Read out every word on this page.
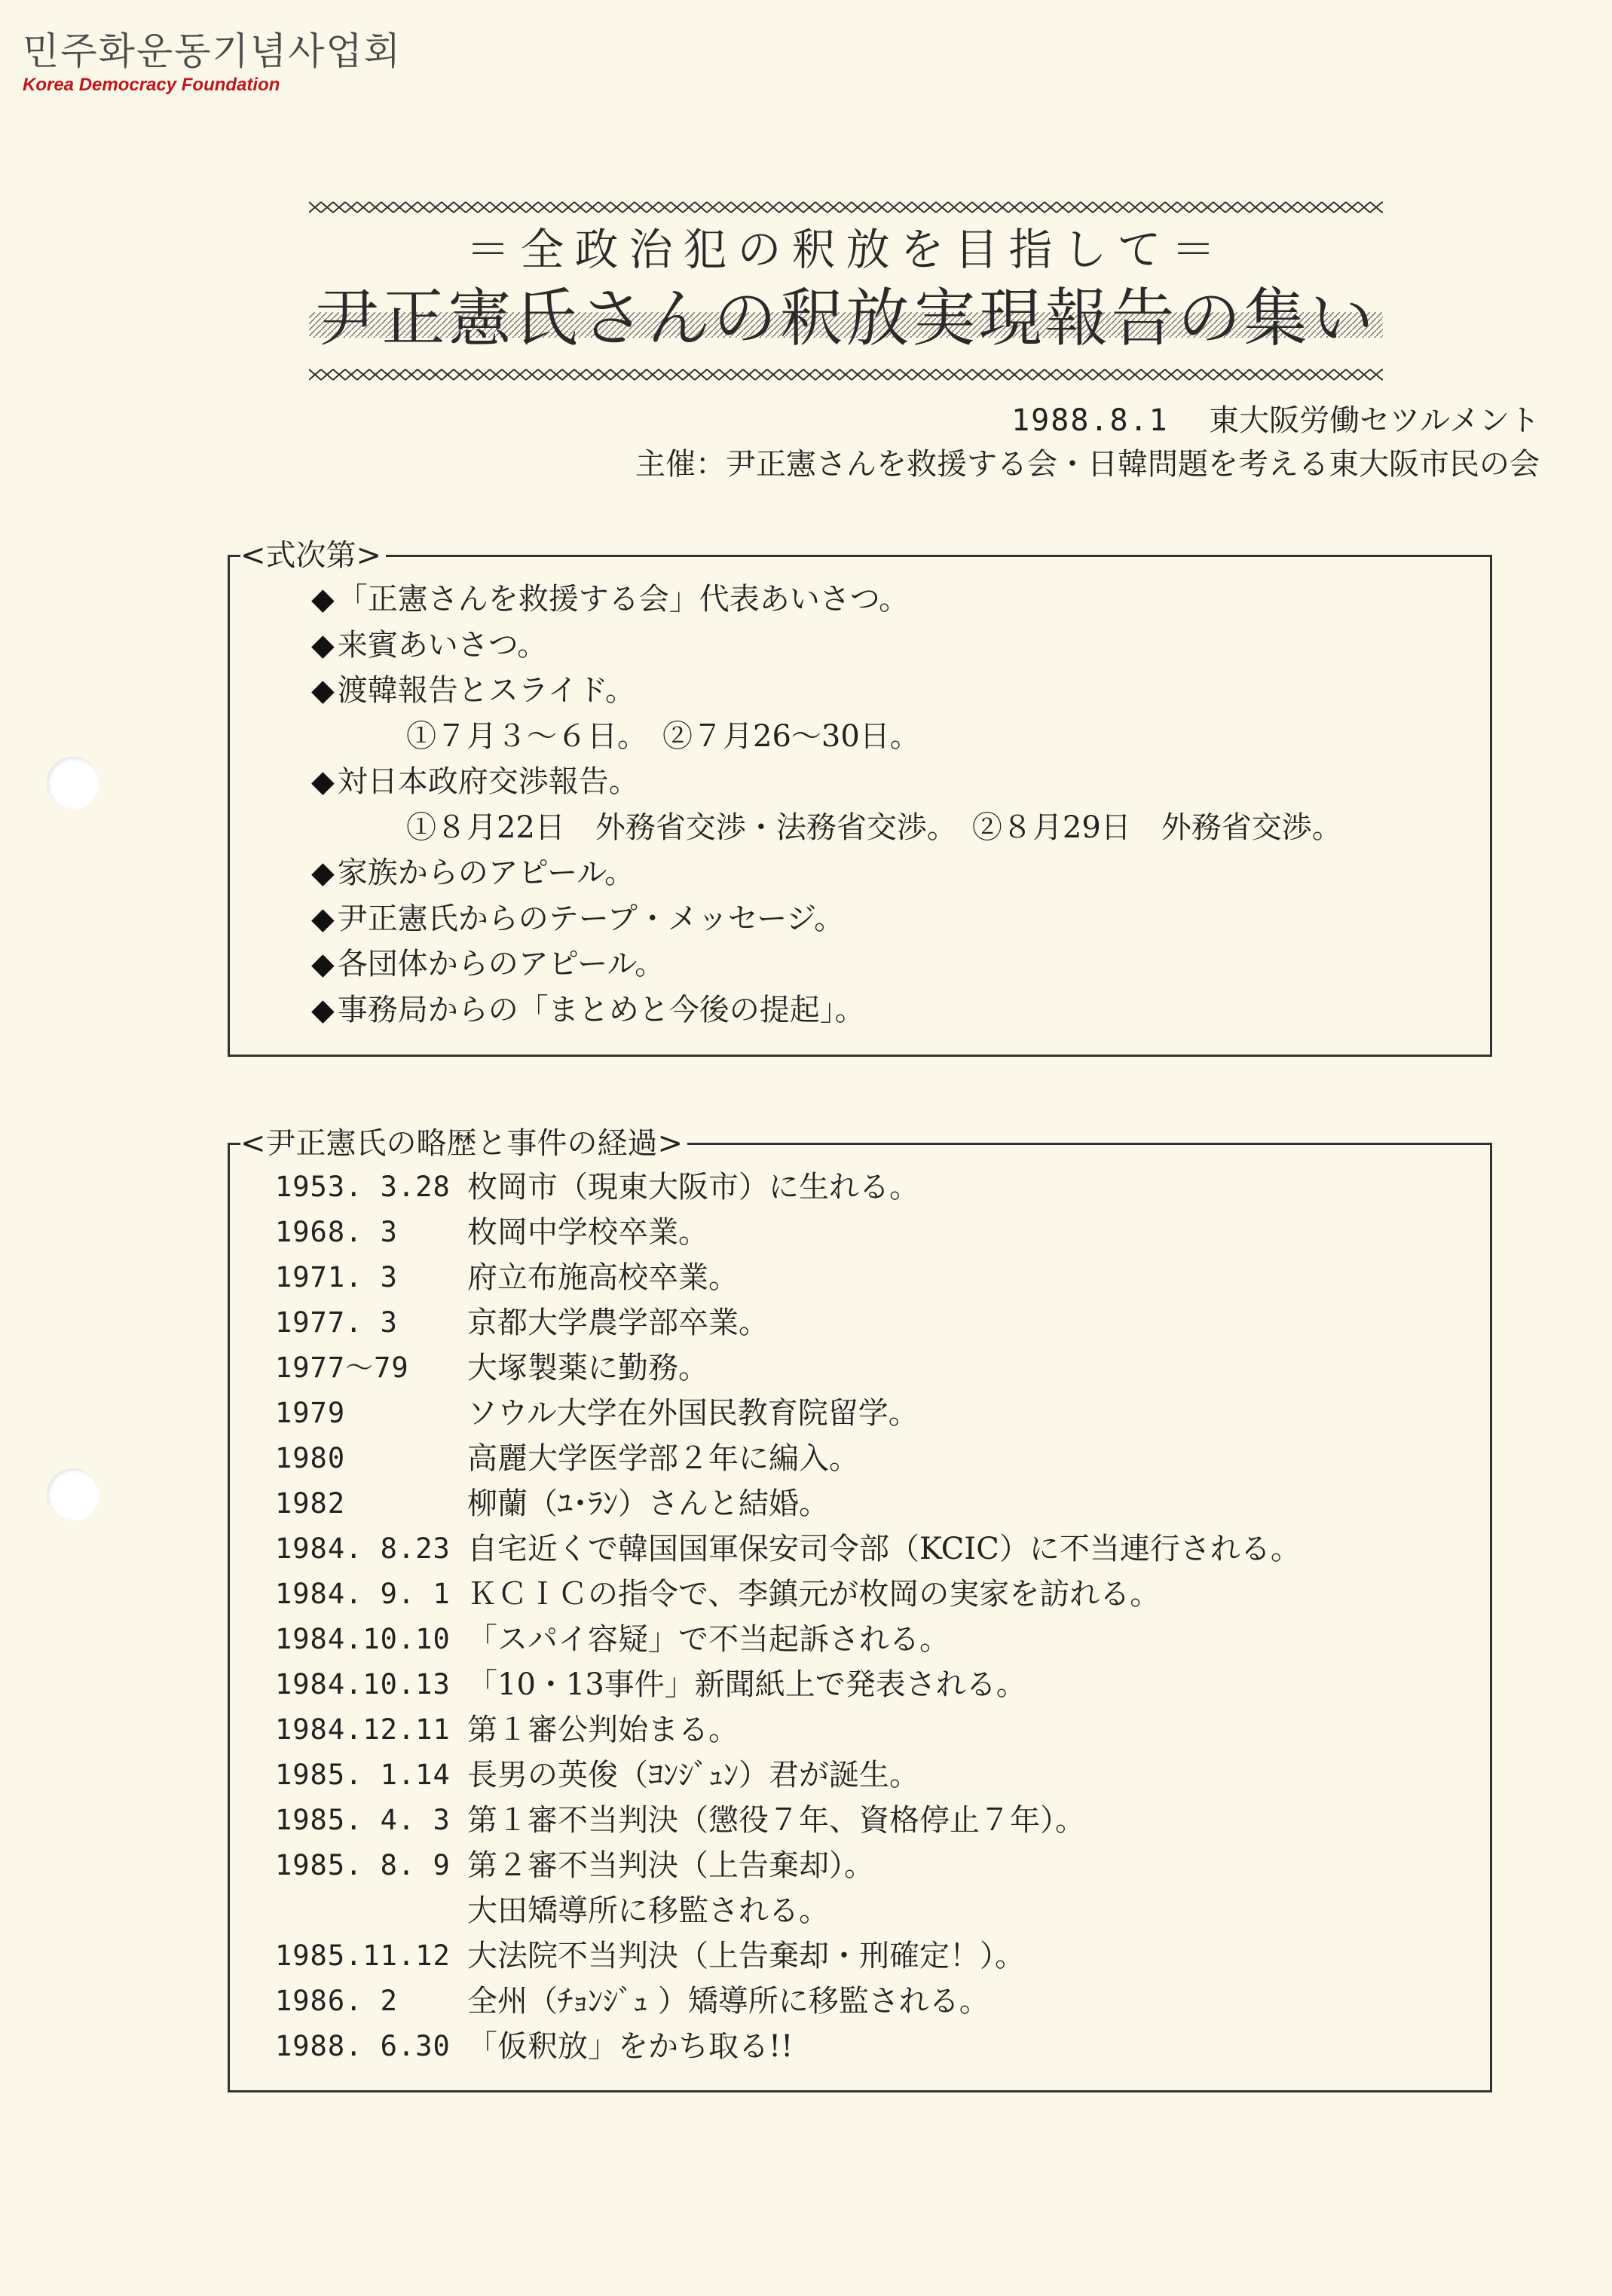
민주화운동기념사업회
Korea Democracy Foundation
＝全政治犯の釈放を目指して＝
尹正憲氏さんの釈放実現報告の集い
1988.8.1 東大阪労働セツルメント
主催：尹正憲さんを救援する会・日韓問題を考える東大阪市民の会
<式次第>
◆ 「正憲さんを救援する会」代表あいさつ。
◆ 来賓あいさつ。
◆ 渡韓報告とスライド。
①７月３〜６日。　②７月26〜30日。
◆ 対日本政府交渉報告。
①８月22日　外務省交渉・法務省交渉。　②８月29日　外務省交渉。
◆ 家族からのアピール。
◆ 尹正憲氏からのテープ・メッセージ。
◆ 各団体からのアピール。
◆ 事務局からの「まとめと今後の提起」。
<尹正憲氏の略歴と事件の経過>
1953. 3.28	枚岡市（現東大阪市）に生れる。
1968. 3	枚岡中学校卒業。
1971. 3	府立布施高校卒業。
1977. 3	京都大学農学部卒業。
1977〜79	大塚製薬に勤務。
1979	ソウル大学在外国民教育院留学。
1980	高麗大学医学部２年に編入。
1982	柳蘭（ﾕ･ﾗﾝ）さんと結婚。
1984. 8.23	自宅近くで韓国国軍保安司令部（KCIC）に不当連行される。
1984. 9. 1	ＫＣＩＣの指令で、李鎮元が枚岡の実家を訪れる。
1984.10.10	「スパイ容疑」で不当起訴される。
1984.10.13	「10・13事件」新聞紙上で発表される。
1984.12.11	第１審公判始まる。
1985. 1.14	長男の英俊（ﾖﾝｼﾞｭﾝ）君が誕生。
1985. 4. 3	第１審不当判決（懲役７年、資格停止７年）。
1985. 8. 9	第２審不当判決（上告棄却）。
	大田矯導所に移監される。
1985.11.12	大法院不当判決（上告棄却・刑確定！）。
1986. 2	全州（ﾁｮﾝｼﾞｭ ）矯導所に移監される。
1988. 6.30	「仮釈放」をかち取る!!
